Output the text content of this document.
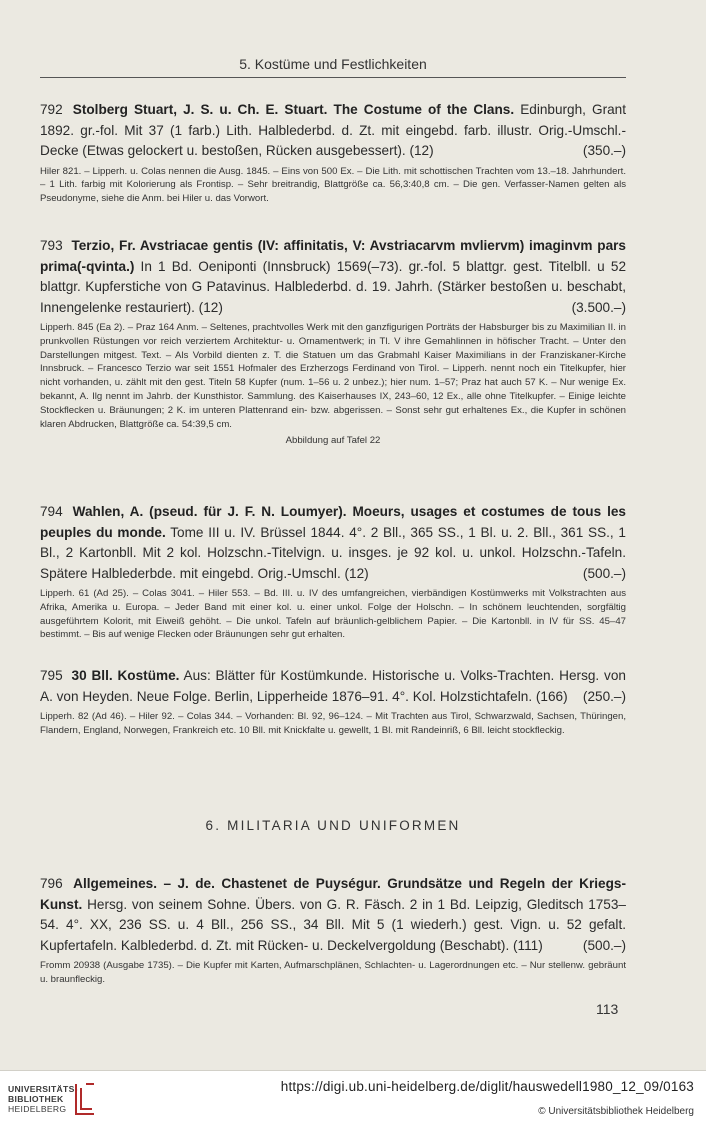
5. Kostüme und Festlichkeiten

792 Stolberg Stuart, J. S. u. Ch. E. Stuart. The Costume of the Clans. Edinburgh, Grant 1892. gr.-fol. Mit 37 (1 farb.) Lith. Halblederbd. d. Zt. mit eingebd. farb. illustr. Orig.-Umschl.-Decke (Etwas gelockert u. bestoßen, Rücken ausgebessert). (12)	(350.–)

Hiler 821. – Lipperh. u. Colas nennen die Ausg. 1845. – Eins von 500 Ex. – Die Lith. mit schottischen Trachten vom 13.–18. Jahrhundert. – 1 Lith. farbig mit Kolorierung als Frontisp. – Sehr breitrandig, Blattgröße ca. 56,3:40,8 cm. – Die gen. Verfasser-Namen gelten als Pseudonyme, siehe die Anm. bei Hiler u. das Vorwort.

793 Terzio, Fr. Avstriacae gentis (IV: affinitatis, V: Avstriacarvm mvliervm) imaginvm pars prima(-qvinta.) In 1 Bd. Oeniponti (Innsbruck) 1569(–73). gr.-fol. 5 blattgr. gest. Titelbll. u 52 blattgr. Kupferstiche von G Patavinus. Halblederbd. d. 19. Jahrh. (Stärker bestoßen u. beschabt, Innengelenke restauriert). (12)	(3.500.–)

Lipperh. 845 (Ea 2). – Praz 164 Anm. – Seltenes, prachtvolles Werk mit den ganzfigurigen Porträts der Habsburger bis zu Maximilian II. in prunkvollen Rüstungen vor reich verziertem Architektur- u. Ornamentwerk; in Tl. V ihre Gemahlinnen in höfischer Tracht. – Unter den Darstellungen mitgest. Text. – Als Vorbild dienten z. T. die Statuen um das Grabmahl Kaiser Maximilians in der Franziskaner-Kirche Innsbruck. – Francesco Terzio war seit 1551 Hofmaler des Erzherzogs Ferdinand von Tirol. – Lipperh. nennt noch ein Titelkupfer, hier nicht vorhanden, u. zählt mit den gest. Titeln 58 Kupfer (num. 1–56 u. 2 unbez.); hier num. 1–57; Praz hat auch 57 K. – Nur wenige Ex. bekannt, A. Ilg nennt im Jahrb. der Kunsthistor. Sammlung. des Kaiserhauses IX, 243–60, 12 Ex., alle ohne Titelkupfer. – Einige leichte Stockflecken u. Bräunungen; 2 K. im unteren Plattenrand ein- bzw. abgerissen. – Sonst sehr gut erhaltenes Ex., die Kupfer in schönen klaren Abdrucken, Blattgröße ca. 54:39,5 cm.

Abbildung auf Tafel 22

794 Wahlen, A. (pseud. für J. F. N. Loumyer). Moeurs, usages et costumes de tous les peuples du monde. Tome III u. IV. Brüssel 1844. 4°. 2 Bll., 365 SS., 1 Bl. u. 2. Bll., 361 SS., 1 Bl., 2 Kartonbll. Mit 2 kol. Holzschn.-Titelvign. u. insges. je 92 kol. u. unkol. Holzschn.-Tafeln. Spätere Halblederbde. mit eingebd. Orig.-Umschl. (12)	(500.–)

Lipperh. 61 (Ad 25). – Colas 3041. – Hiler 553. – Bd. III. u. IV des umfangreichen, vierbändigen Kostümwerks mit Volkstrachten aus Afrika, Amerika u. Europa. – Jeder Band mit einer kol. u. einer unkol. Folge der Holschn. – In schönem leuchtenden, sorgfältig ausgeführtem Kolorit, mit Eiweiß gehöht. – Die unkol. Tafeln auf bräunlich-gelblichem Papier. – Die Kartonbll. in IV für SS. 45–47 bestimmt. – Bis auf wenige Flecken oder Bräunungen sehr gut erhalten.

795 30 Bll. Kostüme. Aus: Blätter für Kostümkunde. Historische u. Volks-Trachten. Hersg. von A. von Heyden. Neue Folge. Berlin, Lipperheide 1876–91. 4°. Kol. Holzstichtafeln. (166) (250.–)

Lipperh. 82 (Ad 46). – Hiler 92. – Colas 344. – Vorhanden: Bl. 92, 96–124. – Mit Trachten aus Tirol, Schwarzwald, Sachsen, Thüringen, Flandern, England, Norwegen, Frankreich etc. 10 Bll. mit Knickfalte u. gewellt, 1 Bl. mit Randeinriß, 6 Bll. leicht stockfleckig.

6. MILITARIA UND UNIFORMEN

796 Allgemeines. – J. de. Chastenet de Puységur. Grundsätze und Regeln der Kriegs-Kunst. Hersg. von seinem Sohne. Übers. von G. R. Fäsch. 2 in 1 Bd. Leipzig, Gleditsch 1753–54. 4°. XX, 236 SS. u. 4 Bll., 256 SS., 34 Bll. Mit 5 (1 wiederh.) gest. Vign. u. 52 gefalt. Kupfertafeln. Kalblederbd. d. Zt. mit Rücken- u. Deckelvergoldung (Beschabt). (111)	(500.–)

Fromm 20938 (Ausgabe 1735). – Die Kupfer mit Karten, Aufmarschplänen, Schlachten- u. Lagerordnungen etc. – Nur stellenw. gebräunt u. braunfleckig.

113
UNIVERSITÄTS-
BIBLIOTHEK
HEIDELBERG
https://digi.ub.uni-heidelberg.de/diglit/hauswedell1980_12_09/0163
© Universitätsbibliothek Heidelberg
